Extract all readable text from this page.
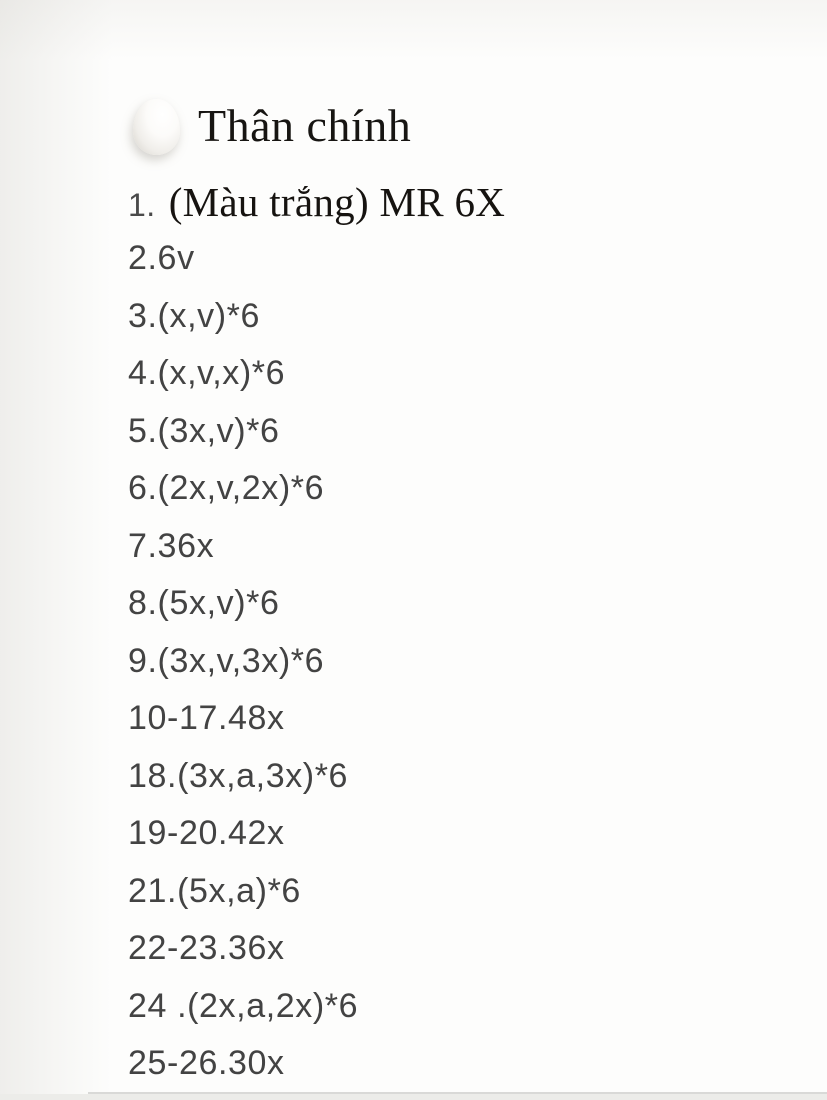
Thân chính
1. (Màu trắng) MR 6X
2.6v
3.(x,v)*6
4.(x,v,x)*6
5.(3x,v)*6
6.(2x,v,2x)*6
7.36x
8.(5x,v)*6
9.(3x,v,3x)*6
10-17.48x
18.(3x,a,3x)*6
19-20.42x
21.(5x,a)*6
22-23.36x
24 .(2x,a,2x)*6
25-26.30x
